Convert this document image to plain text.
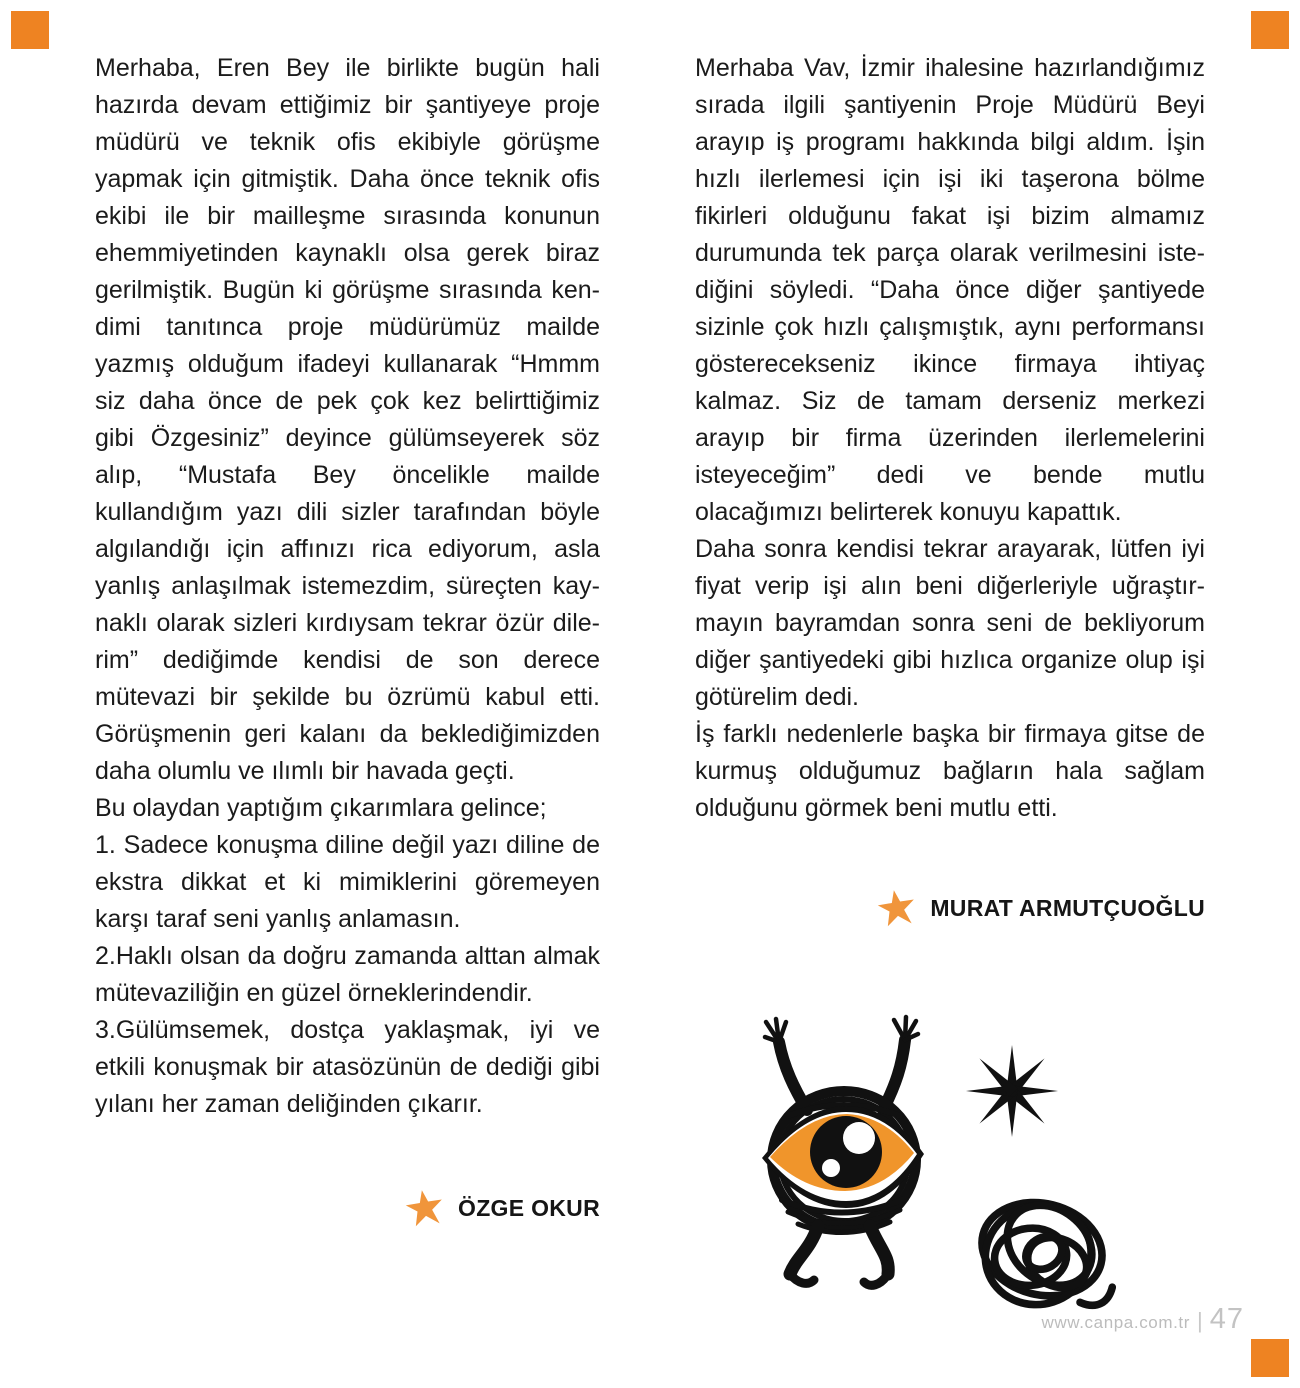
Merhaba, Eren Bey ile birlikte bugün hali
hazırda devam ettiğimiz bir şantiyeye proje
müdürü ve teknik ofis ekibiyle görüşme
yapmak için gitmiştik. Daha önce teknik ofis
ekibi ile bir mailleşme sırasında konunun
ehemmiyetinden kaynaklı olsa gerek biraz
gerilmiştik. Bugün ki görüşme sırasında ken-
dimi tanıtınca proje müdürümüz mailde
yazmış olduğum ifadeyi kullanarak “Hmmm
siz daha önce de pek çok kez belirttiğimiz
gibi Özgesiniz” deyince gülümseyerek söz
alıp, “Mustafa Bey öncelikle mailde
kullandığım yazı dili sizler tarafından böyle
algılandığı için affınızı rica ediyorum, asla
yanlış anlaşılmak istemezdim, süreçten kay-
naklı olarak sizleri kırdıysam tekrar özür dile-
rim” dediğimde kendisi de son derece
mütevazi bir şekilde bu özrümü kabul etti.
Görüşmenin geri kalanı da beklediğimizden
daha olumlu ve ılımlı bir havada geçti.
Bu olaydan yaptığım çıkarımlara gelince;
1. Sadece konuşma diline değil yazı diline de
ekstra dikkat et ki mimiklerini göremeyen
karşı taraf seni yanlış anlamasın.
2.Haklı olsan da doğru zamanda alttan almak
mütevaziliğin en güzel örneklerindendir.
3.Gülümsemek, dostça yaklaşmak, iyi ve
etkili konuşmak bir atasözünün de dediği gibi
yılanı her zaman deliğinden çıkarır.
ÖZGE OKUR
Merhaba Vav, İzmir ihalesine hazırlandığımız
sırada ilgili şantiyenin Proje Müdürü Beyi
arayıp iş programı hakkında bilgi aldım. İşin
hızlı ilerlemesi için işi iki taşerona bölme
fikirleri olduğunu fakat işi bizim almamız
durumunda tek parça olarak verilmesini iste-
diğini söyledi. “Daha önce diğer şantiyede
sizinle çok hızlı çalışmıştık, aynı performansı
gösterecekseniz ikince firmaya ihtiyaç
kalmaz. Siz de tamam derseniz merkezi
arayıp bir firma üzerinden ilerlemelerini
isteyeceğim” dedi ve bende mutlu
olacağımızı belirterek konuyu kapattık.
Daha sonra kendisi tekrar arayarak, lütfen iyi
fiyat verip işi alın beni diğerleriyle uğraştır-
mayın bayramdan sonra seni de bekliyorum
diğer şantiyedeki gibi hızlıca organize olup işi
götürelim dedi.
İş farklı nedenlerle başka bir firmaya gitse de
kurmuş olduğumuz bağların hala sağlam
olduğunu görmek beni mutlu etti.
MURAT ARMUTÇUOĞLU
www.canpa.com.tr | 47
